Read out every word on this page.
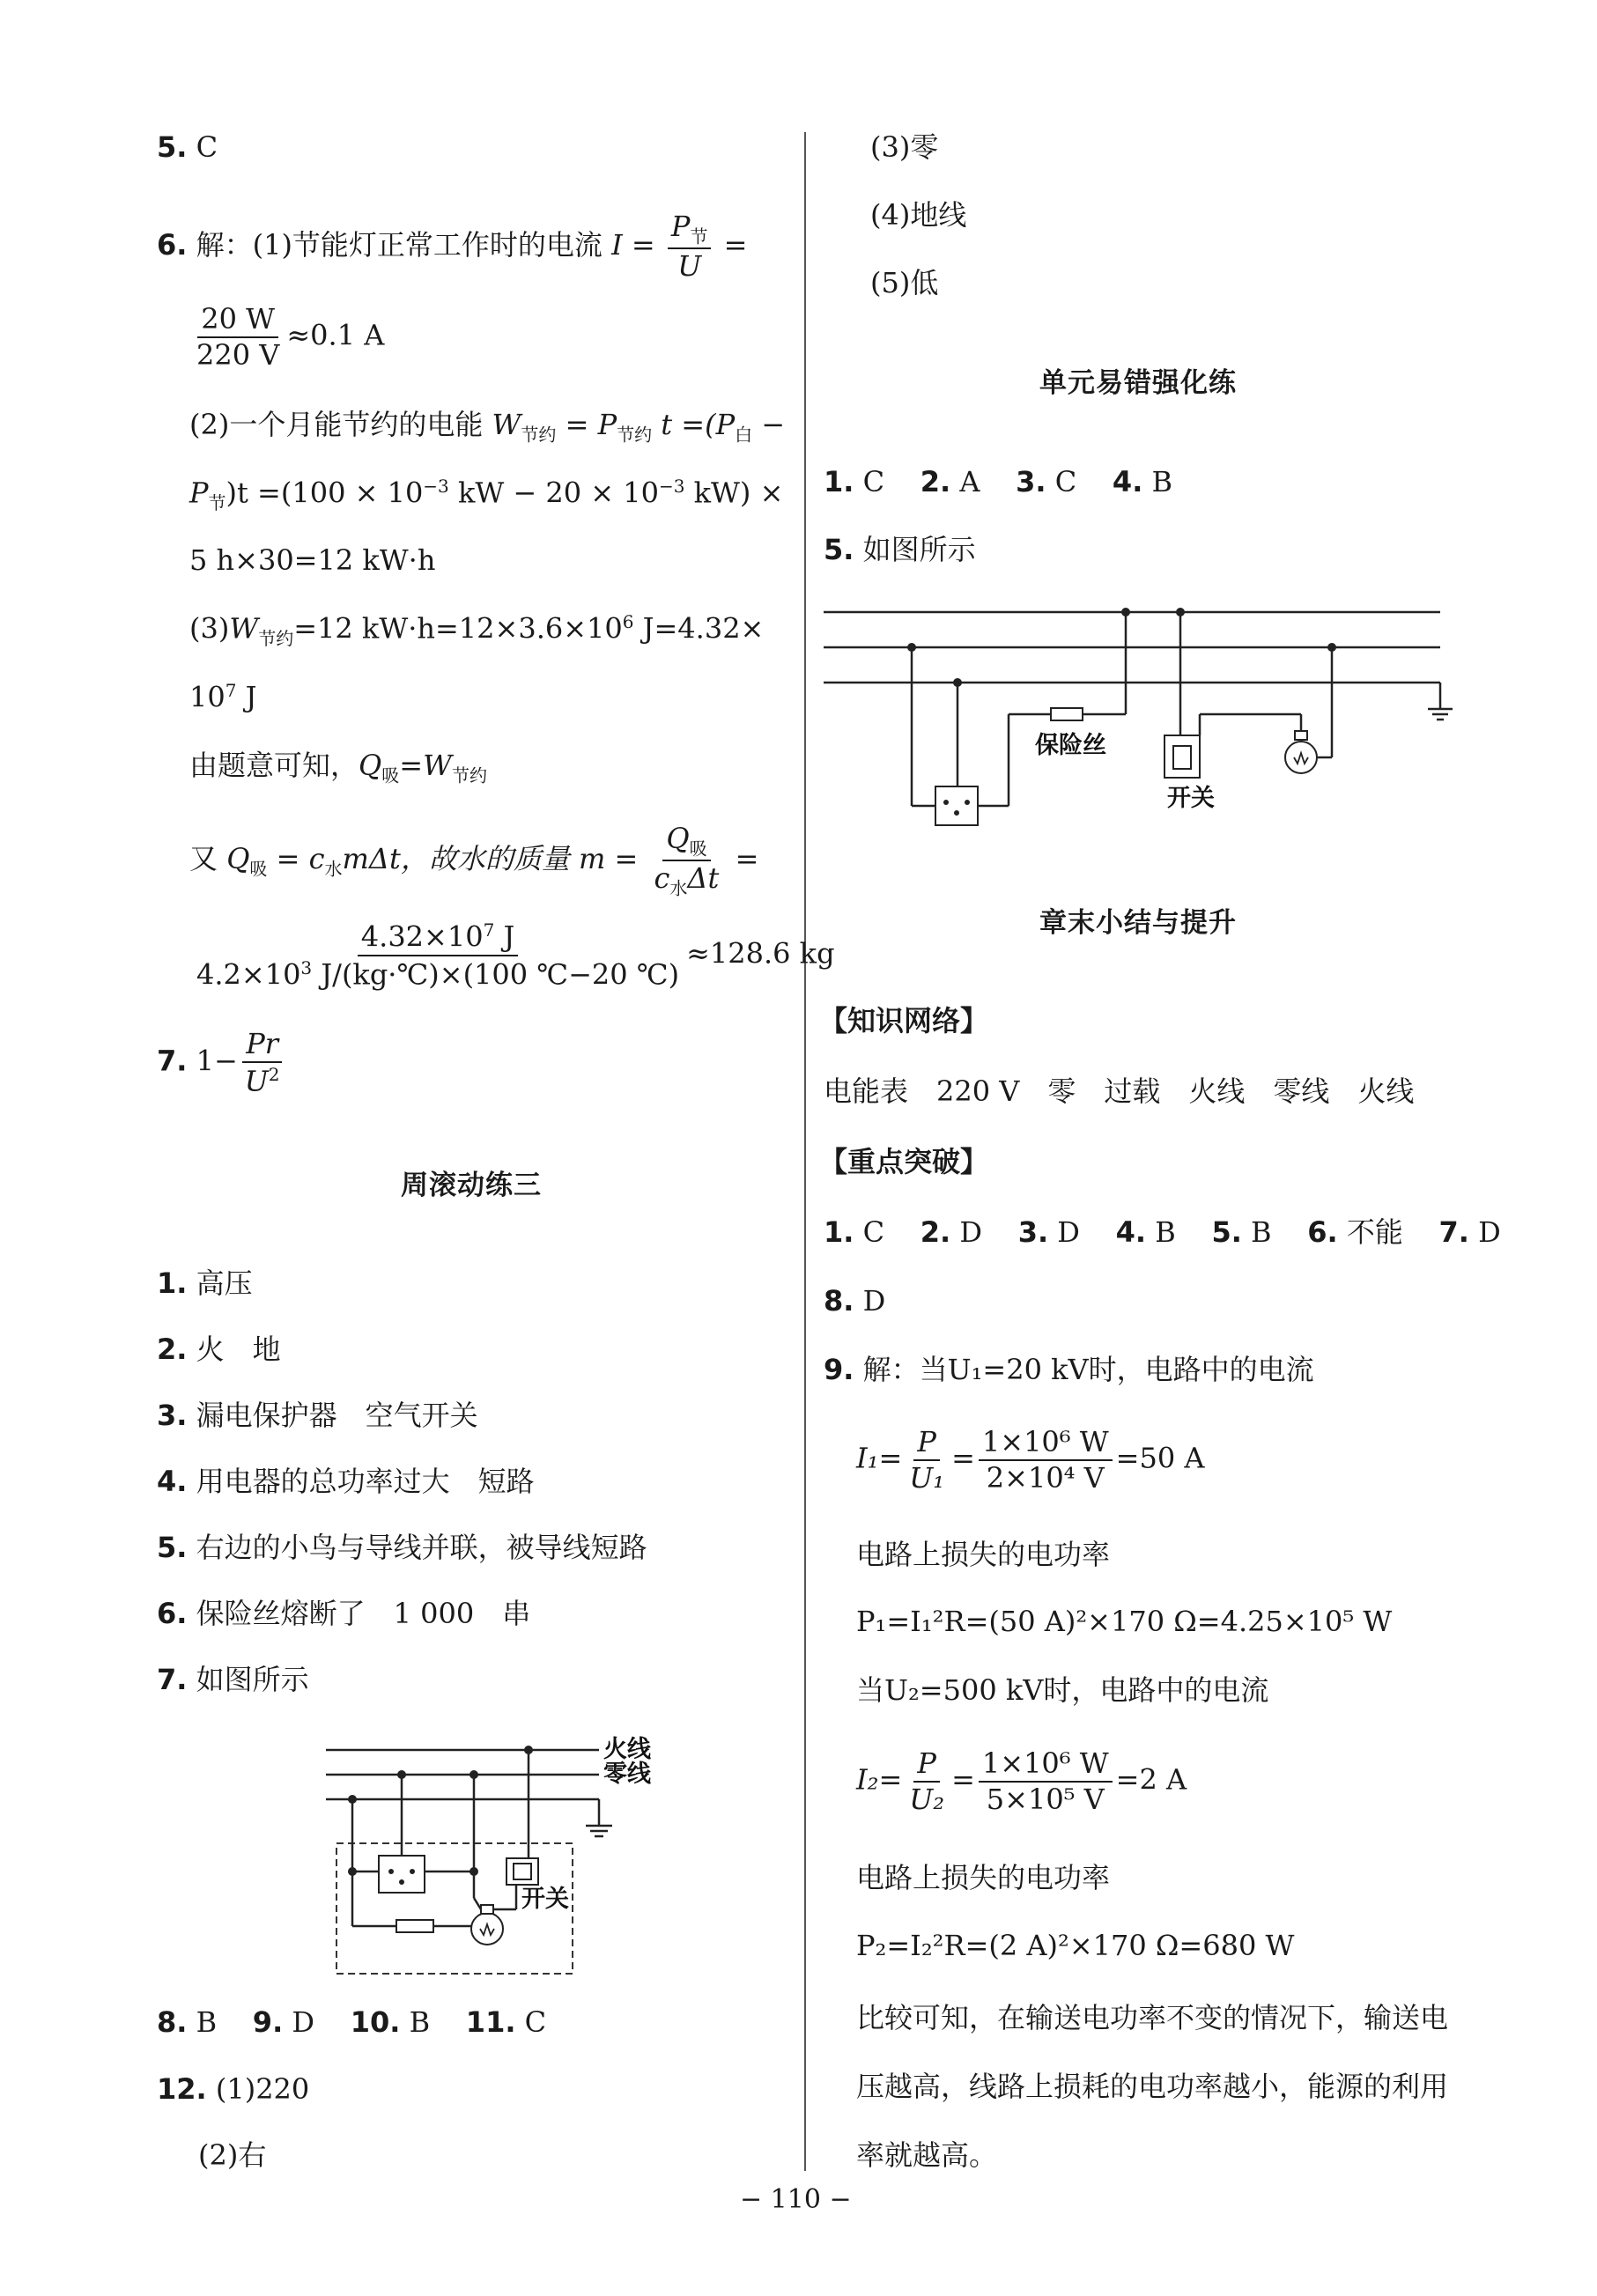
5. C
6. 解：(1)节能灯正常工作时的电流 $I = \frac{P_节}{U}$ =
$\frac{20 W}{220 V} \approx 0.1$ A
(2)一个月能节约的电能 $W_{节约} = P_{节约}$ $t =(P_白$ −
$P_节)t =(100 \times 10^{-3}$ kW − $20 \times 10^{-3}$ kW) ×
5 h×30=12 kW·h
$(3)W_{节约}=12$ $kW\cdot h=12\times 3.6\times 10^6$ J=4.32×
$10^7$ J
由题意可知，$Q_吸=W_{节约}$
又 $Q_吸 = c_水m\Delta t$，故水的质量 $m = \frac{Q_吸}{c_水\Delta t}$ =
$\frac{4.32\times 10^7 J}{4.2\times 10^3 J/(kg\cdot℃)\times(100 ℃-20 ℃)} \approx 128.6$ kg
7. $1- \frac{Pr}{U^2}$
周滚动练三
1. 高压
2. 火　地
3. 漏电保护器　空气开关
4. 用电器的总功率过大　短路
5. 右边的小鸟与导线并联，被导线短路
6. 保险丝熔断了　1 000　串
7. 如图所示
火线
零线
开关
8. B 9. D 10. B 11. C
12. (1)220
(2)右
(3)零
(4)地线
(5)低
单元易错强化练
1. C 2. A 3. C 4. B
5. 如图所示
保险丝
开关
章末小结与提升
【知识网络】
电能表　220 V　零　过载　火线　零线　火线
【重点突破】
1. C 2. D 3. D 4. B 5. B 6. 不能 7. D
8. D
9. 解：当U₁=20 kV时，电路中的电流
$I_1= \frac{P}{\text{U₁}} = \frac{\text{1×10⁶ W}}{\text{2×10⁴ V}} =50$ A
电路上损失的电功率
P₁=I₁²R=(50 A)²×170 Ω=4.25×10⁵ W
当U₂=500 kV时，电路中的电流
$I_2= \frac{P}{\text{U₂}} = \frac{\text{1×10⁶ W}}{\text{5×10⁵ V}} =2$ A
电路上损失的电功率
P₂=I₂²R=(2 A)²×170 Ω=680 W
比较可知，在输送电功率不变的情况下，输送电
压越高，线路上损耗的电功率越小，能源的利用
率就越高。
− 110 −
